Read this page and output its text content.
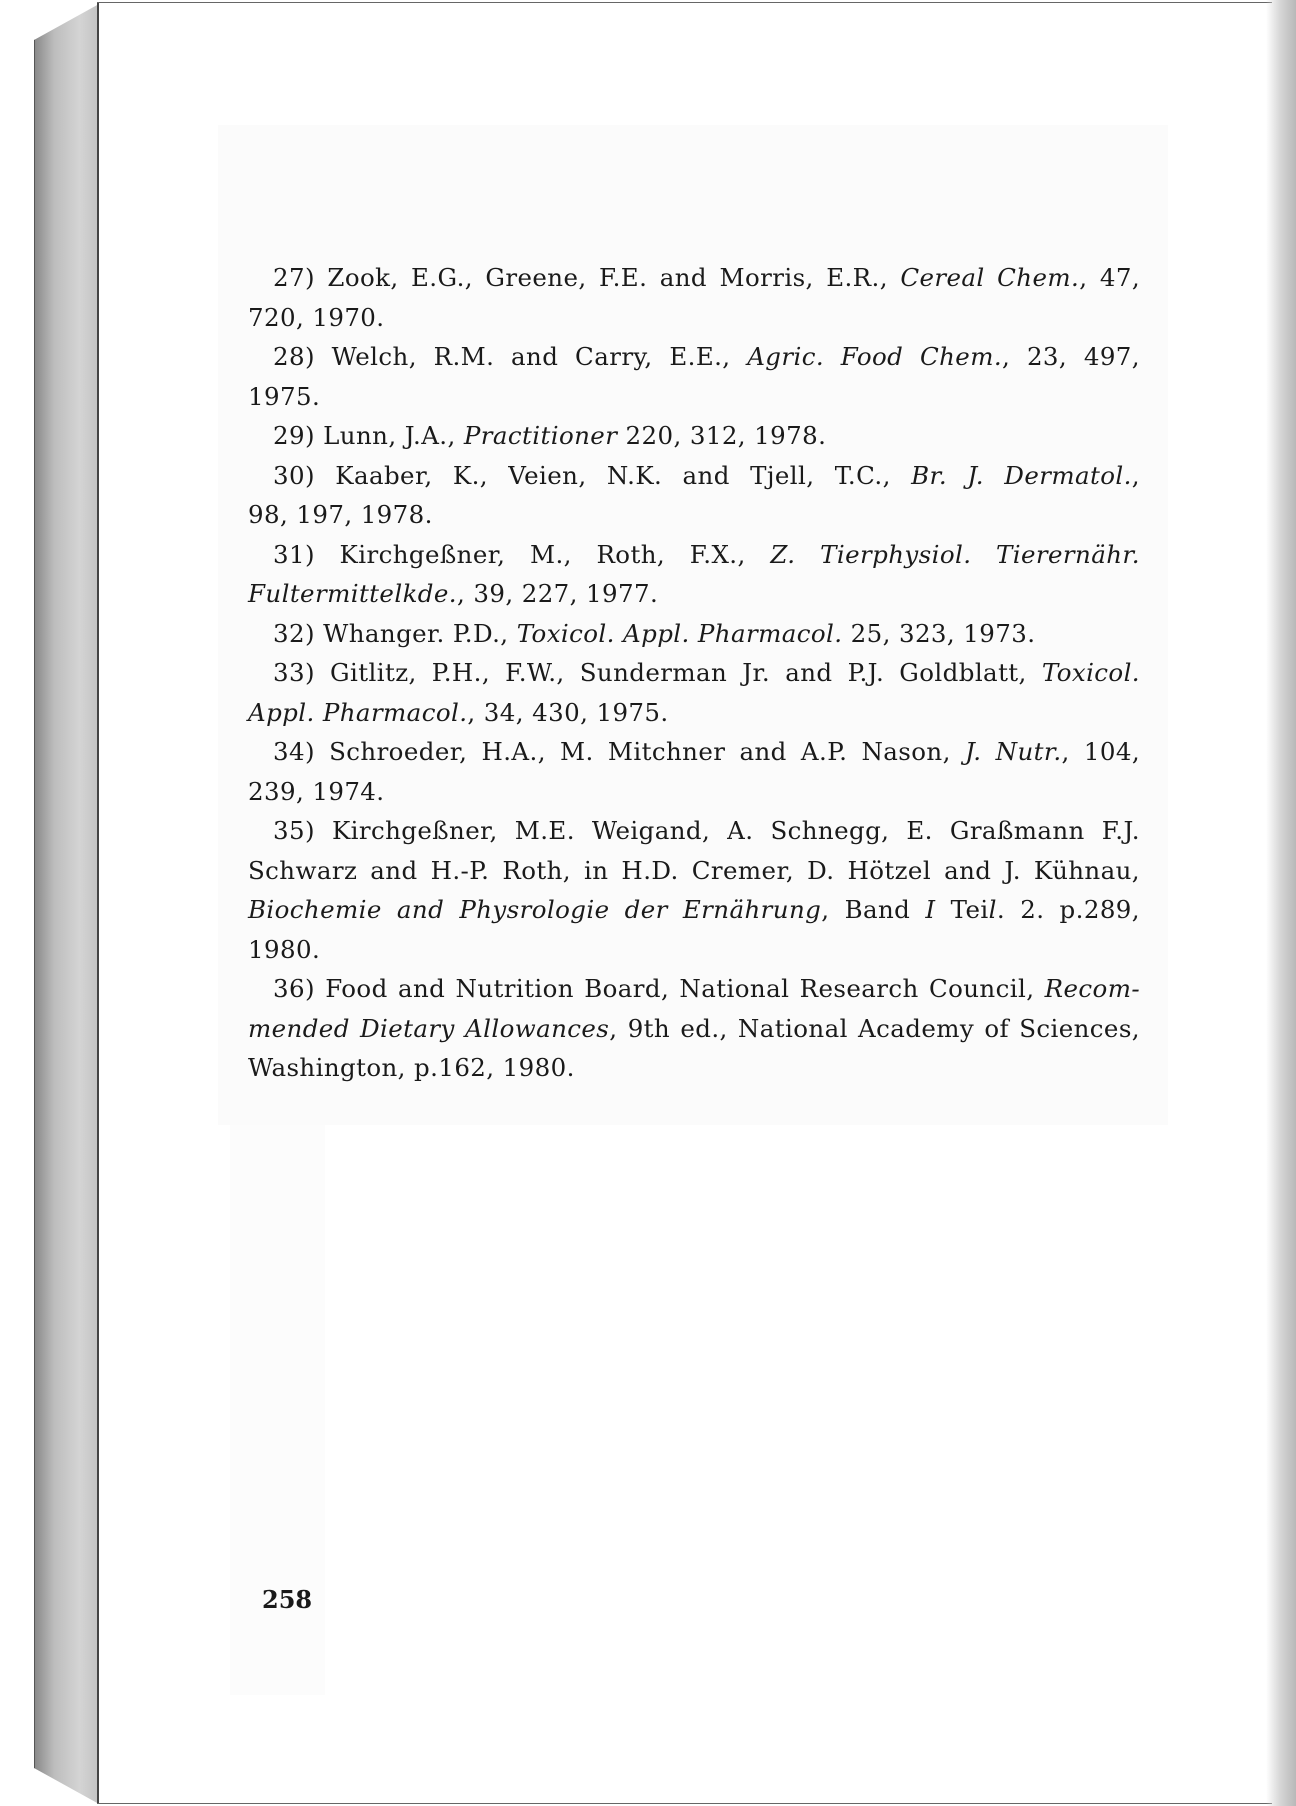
27) Zook, E.G., Greene, F.E. and Morris, E.R., Cereal Chem., 47,
720, 1970.
28) Welch, R.M. and Carry, E.E., Agric. Food Chem., 23, 497,
1975.
29) Lunn, J.A., Practitioner 220, 312, 1978.
30) Kaaber, K., Veien, N.K. and Tjell, T.C., Br. J. Dermatol.,
98, 197, 1978.
31) Kirchgeßner, M., Roth, F.X., Z. Tierphysiol. Tierernähr.
Fultermittelkde., 39, 227, 1977.
32) Whanger. P.D., Toxicol. Appl. Pharmacol. 25, 323, 1973.
33) Gitlitz, P.H., F.W., Sunderman Jr. and P.J. Goldblatt, Toxicol.
Appl. Pharmacol., 34, 430, 1975.
34) Schroeder, H.A., M. Mitchner and A.P. Nason, J. Nutr., 104,
239, 1974.
35) Kirchgeßner, M.E. Weigand, A. Schnegg, E. Graßmann F.J.
Schwarz and H.-P. Roth, in H.D. Cremer, D. Hötzel and J. Kühnau,
Biochemie and Physrologie der Ernährung, Band I Teil. 2. p.289,
1980.
36) Food and Nutrition Board, National Research Council, Recom-
mended Dietary Allowances, 9th ed., National Academy of Sciences,
Washington, p.162, 1980.
258
